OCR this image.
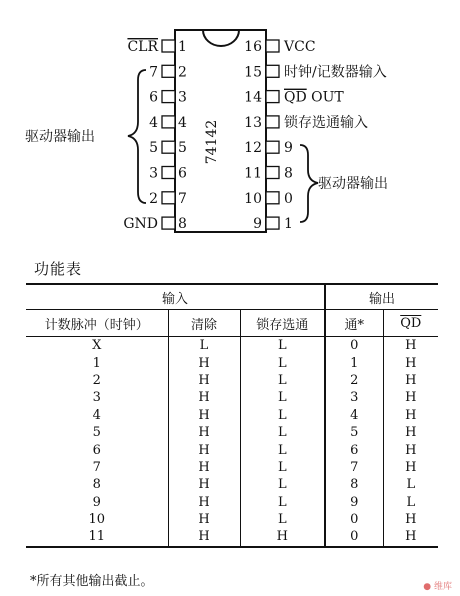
74142
1
CLR
2
7
3
6
4
4
5
5
6
3
7
2
8
GND
16 VCC
15 时钟/记数器输入
14 QD OUT
13 锁存选通输入
12 9
11 8
10 0
9 1
驱动器输出
驱动器输出
功能表
输入			输出	
计数脉冲（时钟）	清除	锁存选通	通*	$\overline{QD}$
X	L	L	0	H
1	H	L	1	H
2	H	L	2	H
3	H	L	3	H
4	H	L	4	H
5	H	L	5	H
6	H	L	6	H
7	H	L	7	H
8	H	L	8	L
9	H	L	9	L
10	H	L	0	H
11	H	H	0	H
*所有其他输出截止。	● 维库
